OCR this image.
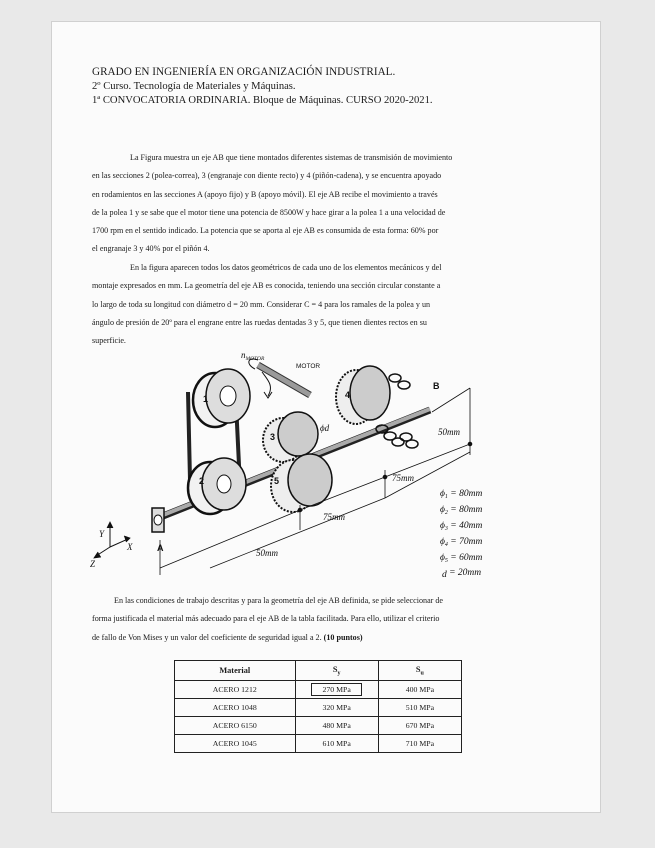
GRADO EN INGENIERÍA EN ORGANIZACIÓN INDUSTRIAL.
2º Curso. Tecnología de Materiales y Máquinas.
1ª CONVOCATORIA ORDINARIA. Bloque de Máquinas. CURSO 2020-2021.
La Figura muestra un eje AB que tiene montados diferentes sistemas de transmisión de movimiento
en las secciones 2 (polea-correa), 3 (engranaje con diente recto) y 4 (piñón-cadena), y se encuentra apoyado
en rodamientos en las secciones A (apoyo fijo) y B (apoyo móvil). El eje AB recibe el movimiento a través
de la polea 1 y se sabe que el motor tiene una potencia de 8500W y hace girar a la polea 1 a una velocidad de
1700 rpm en el sentido indicado. La potencia que se aporta al eje AB es consumida de esta forma: 60% por
el engranaje 3 y 40% por el piñón 4.
En la figura aparecen todos los datos geométricos de cada uno de los elementos mecánicos y del
montaje expresados en mm. La geometría del eje AB es conocida, teniendo una sección circular constante a
lo largo de toda su longitud con diámetro d = 20 mm. Considerar C = 4 para los ramales de la polea y un
ángulo de presión de 20º para el engrane entre las ruedas dentadas 3 y 5, que tienen dientes rectos en su
superficie.
1
2
3
4
5
A
B
MOTOR
$n_{MOTOR}$
ϕd	50mm
75mm
75mm
50mm
Y
X
Z
$\phi_1 = 80mm$
$\phi_2 = 80mm$
$\phi_3 = 40mm$
$\phi_4 = 70mm$
$\phi_5 = 60mm$
d = 20mm
En las condiciones de trabajo descritas y para la geometría del eje AB definida, se pide seleccionar de
forma justificada el material más adecuado para el eje AB de la tabla facilitada. Para ello, utilizar el criterio
de fallo de Von Mises y un valor del coeficiente de seguridad igual a 2. (10 puntos)
Material	$S_y$	$S_u$
ACERO 1212	270 MPa	400 MPa
ACERO 1048	320 MPa	510 MPa
ACERO 6150	480 MPa	670 MPa
ACERO 1045	610 MPa	710 MPa
